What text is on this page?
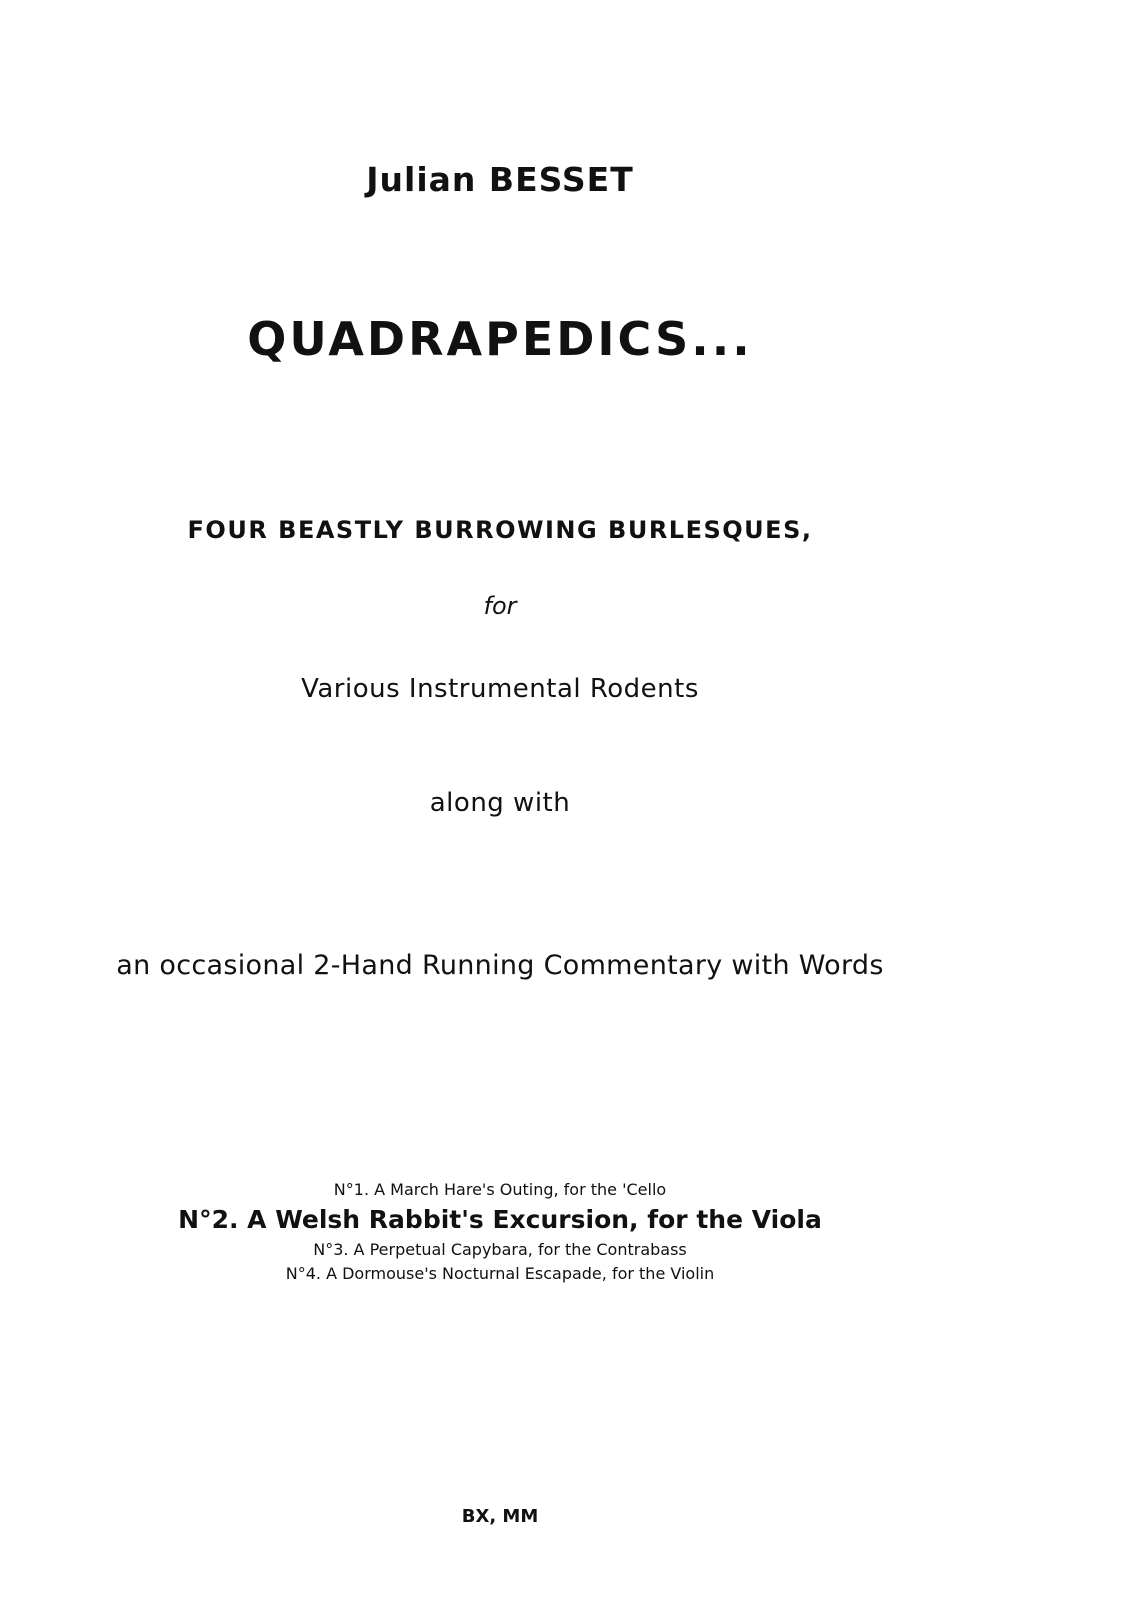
Julian BESSET
QUADRAPEDICS...
FOUR BEASTLY BURROWING BURLESQUES,
for
Various Instrumental Rodents
along with
an occasional 2-Hand Running Commentary with Words
N°1. A March Hare's Outing, for the 'Cello
N°2. A Welsh Rabbit's Excursion, for the Viola
N°3. A Perpetual Capybara, for the Contrabass
N°4. A Dormouse's Nocturnal Escapade, for the Violin
BX, MM
